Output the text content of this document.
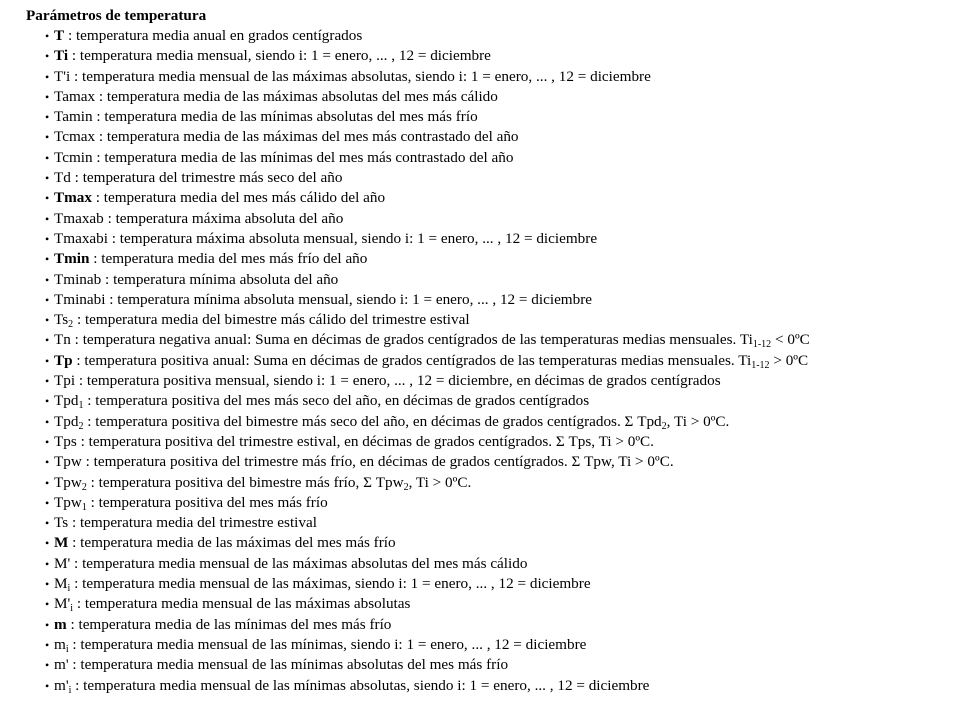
Parámetros de temperatura
• T : temperatura media anual en grados centígrados
• Ti : temperatura media mensual, siendo i: 1 = enero, ... , 12 = diciembre
• T'i : temperatura media mensual de las máximas absolutas, siendo i: 1 = enero, ... , 12 = diciembre
• Tamax : temperatura media de las máximas absolutas del mes más cálido
• Tamin : temperatura media de las mínimas absolutas del mes más frío
• Tcmax : temperatura media de las máximas del mes más contrastado del año
• Tcmin : temperatura media de las mínimas del mes más contrastado del año
• Td : temperatura del trimestre más seco del año
• Tmax : temperatura media del mes más cálido del año
• Tmaxab : temperatura máxima absoluta del año
• Tmaxabi : temperatura máxima absoluta mensual, siendo i: 1 = enero, ... , 12 = diciembre
• Tmin : temperatura media del mes más frío del año
• Tminab : temperatura mínima absoluta del año
• Tminabi : temperatura mínima absoluta mensual, siendo i: 1 = enero, ... , 12 = diciembre
• $Ts_2$ : temperatura media del bimestre más cálido del trimestre estival
• Tn : temperatura negativa anual: Suma en décimas de grados centígrados de las temperaturas medias mensuales. $Ti_{1-12}$ < 0ºC
• Tp : temperatura positiva anual: Suma en décimas de grados centígrados de las temperaturas medias mensuales. $Ti_{1-12}$ > 0ºC
• Tpi : temperatura positiva mensual, siendo i: 1 = enero, ... , 12 = diciembre, en décimas de grados centígrados
• Tpd$_1$ : temperatura positiva del mes más seco del año, en décimas de grados centígrados
• Tpd$_2$ : temperatura positiva del bimestre más seco del año, en décimas de grados centígrados. Σ Tpd$_2$, Ti > 0ºC.
• Tps : temperatura positiva del trimestre estival, en décimas de grados centígrados. Σ Tps, Ti > 0ºC.
• Tpw : temperatura positiva del trimestre más frío, en décimas de grados centígrados. Σ Tpw, Ti > 0ºC.
• Tpw$_2$ : temperatura positiva del bimestre más frío, Σ Tpw$_2$, Ti > 0ºC.
• Tpw$_1$ : temperatura positiva del mes más frío
• Ts : temperatura media del trimestre estival
• M : temperatura media de las máximas del mes más frío
• M' : temperatura media mensual de las máximas absolutas del mes más cálido
• $M_i$ : temperatura media mensual de las máximas, siendo i: 1 = enero, ... , 12 = diciembre
• $M'_i$ : temperatura media mensual de las máximas absolutas
• m : temperatura media de las mínimas del mes más frío
• $m_i$ : temperatura media mensual de las mínimas, siendo i: 1 = enero, ... , 12 = diciembre
• m' : temperatura media mensual de las mínimas absolutas del mes más frío
• $m'_i$ : temperatura media mensual de las mínimas absolutas, siendo i: 1 = enero, ... , 12 = diciembre
